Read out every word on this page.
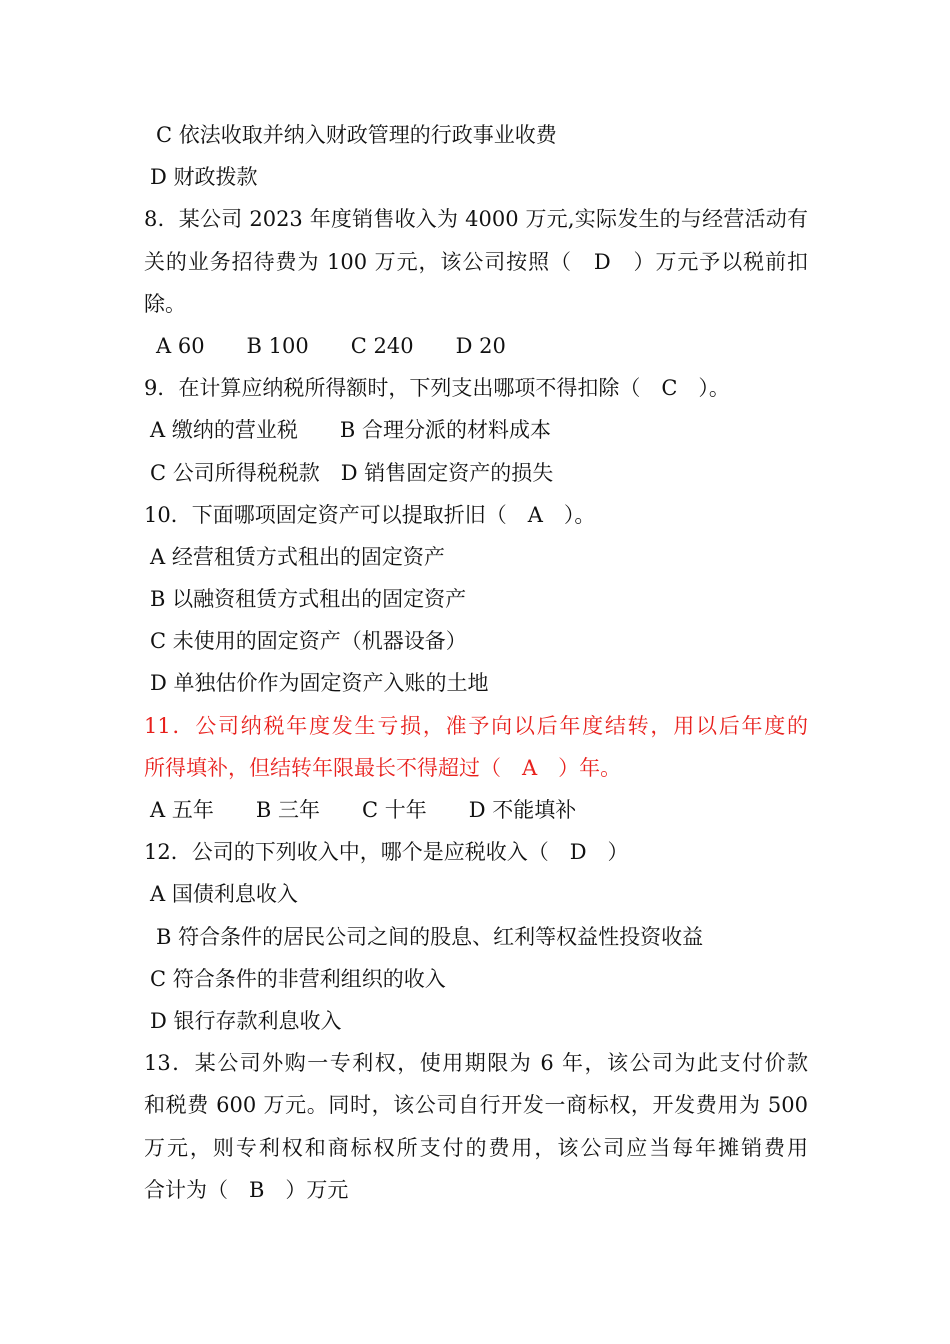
C 依法收取并纳入财政管理的行政事业收费
D 财政拨款
8．某公司 2023 年度销售收入为 4000 万元,实际发生的与经营活动有
关的业务招待费为 100 万元，该公司按照（　D　）万元予以税前扣
除。
A 60　　B 100　　C 240　　D 20
9．在计算应纳税所得额时，下列支出哪项不得扣除（　C　）。
A 缴纳的营业税　　B 合理分派的材料成本
C 公司所得税税款　D 销售固定资产的损失
10．下面哪项固定资产可以提取折旧（　A　）。
A 经营租赁方式租出的固定资产
B 以融资租赁方式租出的固定资产
C 未使用的固定资产（机器设备）
D 单独估价作为固定资产入账的土地
11．公司纳税年度发生亏损，准予向以后年度结转，用以后年度的
所得填补，但结转年限最长不得超过（　A　）年。
A 五年　　B 三年　　C 十年　　D 不能填补
12．公司的下列收入中，哪个是应税收入（　D　）
A 国债利息收入
B 符合条件的居民公司之间的股息、红利等权益性投资收益
C 符合条件的非营利组织的收入
D 银行存款利息收入
13．某公司外购一专利权，使用期限为 6 年，该公司为此支付价款
和税费 600 万元。同时，该公司自行开发一商标权，开发费用为 500
万元，则专利权和商标权所支付的费用，该公司应当每年摊销费用
合计为（　B　）万元
